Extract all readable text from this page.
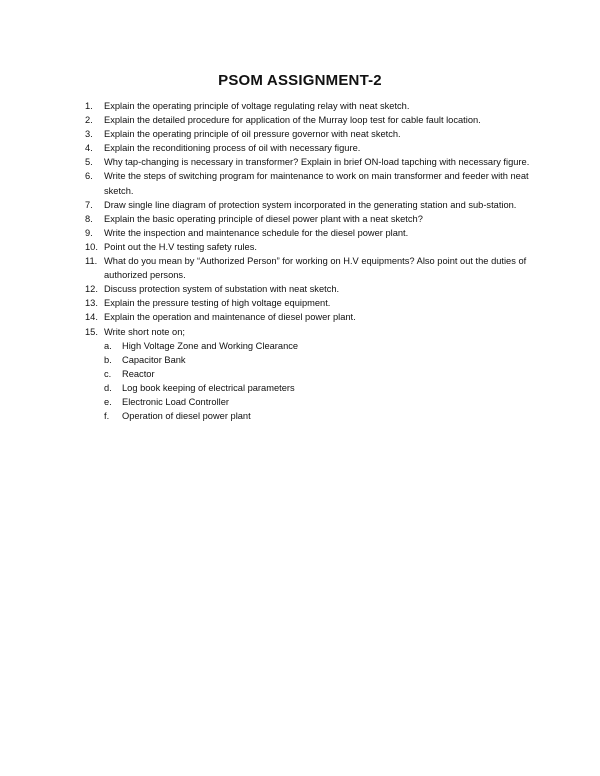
PSOM ASSIGNMENT-2
1.	Explain the operating principle of voltage regulating relay with neat sketch.
2.	Explain the detailed procedure for application of the Murray loop test for cable fault location.
3.	Explain the operating principle of oil pressure governor with neat sketch.
4.	Explain the reconditioning process of oil with necessary figure.
5.	Why tap-changing is necessary in transformer? Explain in brief ON-load tapching with necessary figure.
6.	Write the steps of switching program for maintenance to work on main transformer and feeder with neat sketch.
7.	Draw single line diagram of protection system incorporated in the generating station and sub-station.
8.	Explain the basic operating principle of diesel power plant with a neat sketch?
9.	Write the inspection and maintenance schedule for the diesel power plant.
10. Point out the H.V testing safety rules.
11. What do you mean by “Authorized Person” for working on H.V equipments? Also point out the duties of authorized persons.
12. Discuss protection system of substation with neat sketch.
13. Explain the pressure testing of high voltage equipment.
14. Explain the operation and maintenance of diesel power plant.
15. Write short note on;
a.	High Voltage Zone and Working Clearance
b.	Capacitor Bank
c.	Reactor
d.	Log book keeping of electrical parameters
e.	Electronic Load Controller
f.	Operation of diesel power plant
